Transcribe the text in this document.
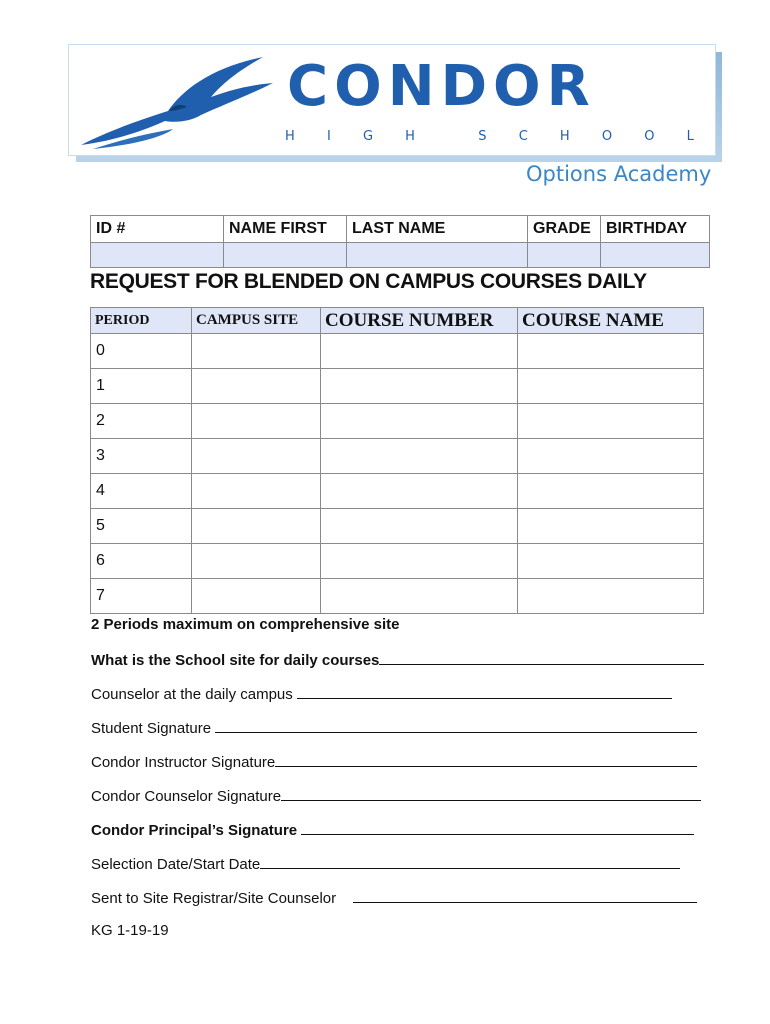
CONDOR
H I G H	S C H O O L
Options Academy
ID #	NAME FIRST	LAST NAME	GRADE	BIRTHDAY

REQUEST FOR BLENDED ON CAMPUS COURSES DAILY
PERIOD	CAMPUS SITE	COURSE NUMBER	COURSE NAME
0			
1			
2			
3			
4			
5			
6			
7			
2 Periods maximum on comprehensive site
What is the School site for daily courses
Counselor at the daily campus
Student Signature
Condor Instructor Signature
Condor Counselor Signature
Condor Principal’s Signature
Selection Date/Start Date
Sent to Site Registrar/Site Counselor
KG 1-19-19
